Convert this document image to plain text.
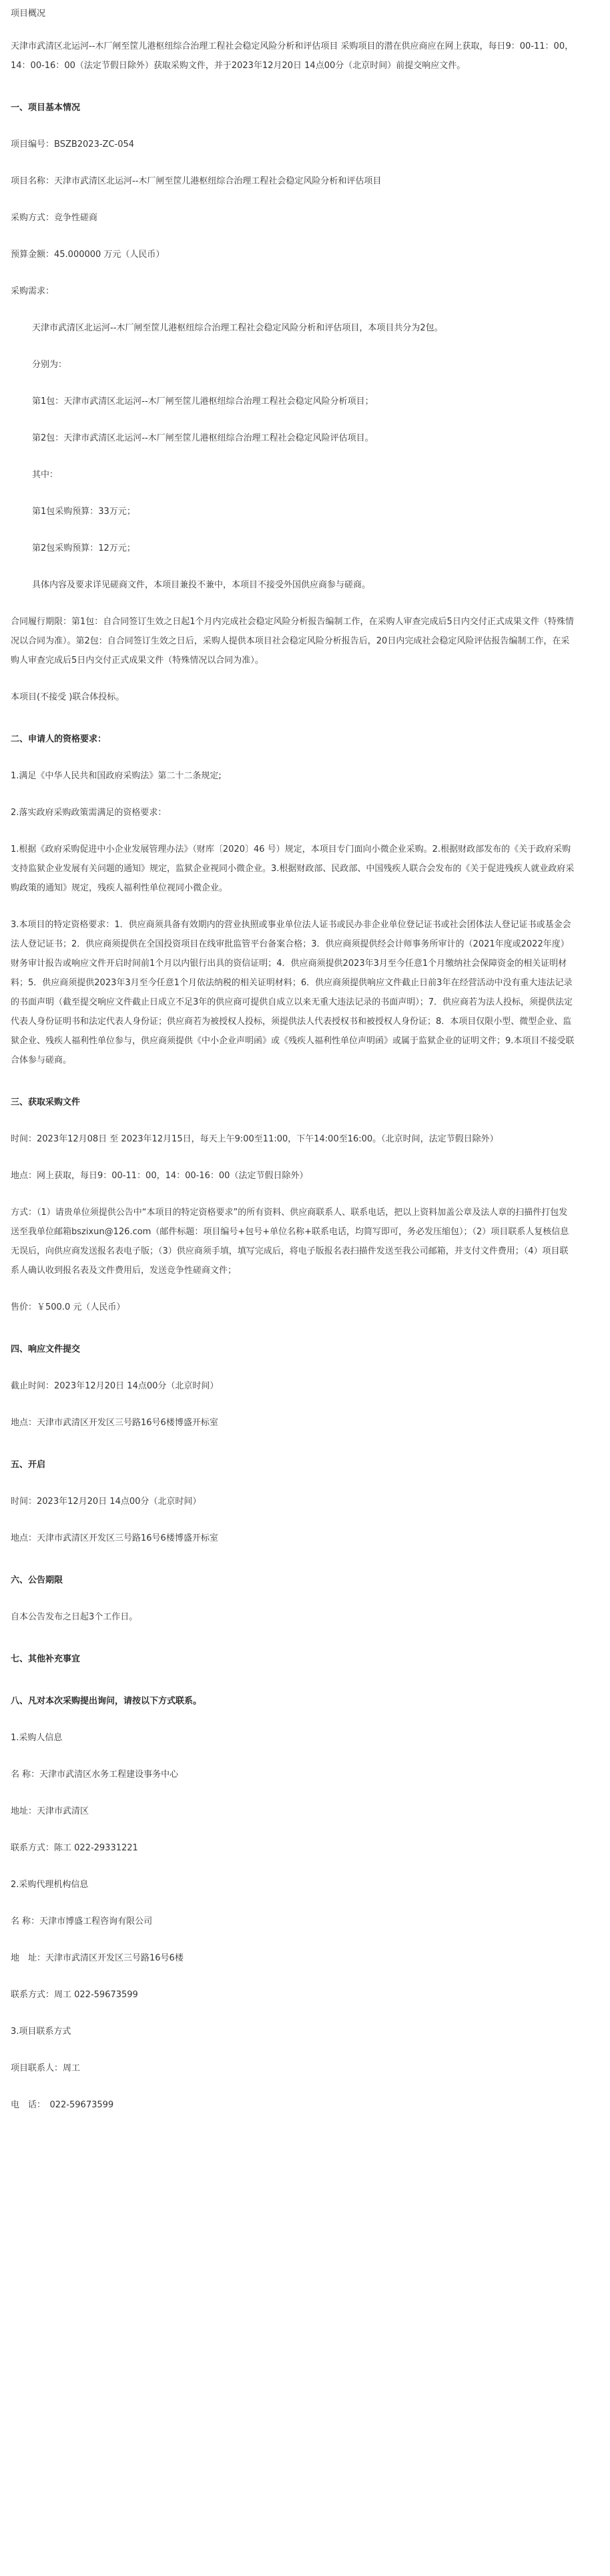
项目概况

天津市武清区北运河--木厂闸至筐儿港枢纽综合治理工程社会稳定风险分析和评估项目 采购项目的潜在供应商应在网上获取，每日9：00-11：00，14：00-16：00（法定节假日除外）获取采购文件，并于2023年12月20日 14点00分（北京时间）前提交响应文件。

一、项目基本情况

项目编号：BSZB2023-ZC-054

项目名称：天津市武清区北运河--木厂闸至筐儿港枢纽综合治理工程社会稳定风险分析和评估项目

采购方式：竞争性磋商

预算金额：45.000000 万元（人民币）

采购需求：

天津市武清区北运河--木厂闸至筐儿港枢纽综合治理工程社会稳定风险分析和评估项目，本项目共分为2包。

分别为：

第1包：天津市武清区北运河--木厂闸至筐儿港枢纽综合治理工程社会稳定风险分析项目；

第2包：天津市武清区北运河--木厂闸至筐儿港枢纽综合治理工程社会稳定风险评估项目。

其中：

第1包采购预算：33万元；

第2包采购预算：12万元；

具体内容及要求详见磋商文件，本项目兼投不兼中，本项目不接受外国供应商参与磋商。

合同履行期限：第1包：自合同签订生效之日起1个月内完成社会稳定风险分析报告编制工作，在采购人审查完成后5日内交付正式成果文件（特殊情况以合同为准）。第2包：自合同签订生效之日后，采购人提供本项目社会稳定风险分析报告后，20日内完成社会稳定风险评估报告编制工作，在采购人审查完成后5日内交付正式成果文件（特殊情况以合同为准）。

本项目(不接受 )联合体投标。

二、申请人的资格要求：

1.满足《中华人民共和国政府采购法》第二十二条规定;

2.落实政府采购政策需满足的资格要求：

1.根据《政府采购促进中小企业发展管理办法》（财库〔2020〕46 号）规定，本项目专门面向小微企业采购。2.根据财政部发布的《关于政府采购支持监狱企业发展有关问题的通知》规定，监狱企业视同小微企业。3.根据财政部、民政部、中国残疾人联合会发布的《关于促进残疾人就业政府采购政策的通知》规定，残疾人福利性单位视同小微企业。

3.本项目的特定资格要求：1．供应商须具备有效期内的营业执照或事业单位法人证书或民办非企业单位登记证书或社会团体法人登记证书或基金会法人登记证书；2．供应商须提供在全国投资项目在线审批监管平台备案合格；3．供应商须提供经会计师事务所审计的（2021年度或2022年度）财务审计报告或响应文件开启时间前1个月以内银行出具的资信证明；4．供应商须提供2023年3月至今任意1个月缴纳社会保障资金的相关证明材料；5．供应商须提供2023年3月至今任意1个月依法纳税的相关证明材料；6．供应商须提供响应文件截止日前3年在经营活动中没有重大违法记录的书面声明（截至提交响应文件截止日成立不足3年的供应商可提供自成立以来无重大违法记录的书面声明）；7．供应商若为法人投标，须提供法定代表人身份证明书和法定代表人身份证；供应商若为被授权人投标，须提供法人代表授权书和被授权人身份证；8．本项目仅限小型、微型企业、监狱企业、残疾人福利性单位参与，供应商须提供《中小企业声明函》或《残疾人福利性单位声明函》或属于监狱企业的证明文件；9.本项目不接受联合体参与磋商。

三、获取采购文件

时间：2023年12月08日 至 2023年12月15日，每天上午9:00至11:00，下午14:00至16:00。（北京时间，法定节假日除外）

地点：网上获取，每日9：00-11：00，14：00-16：00（法定节假日除外）

方式：（1）请贵单位须提供公告中“本项目的特定资格要求”的所有资料、供应商联系人、联系电话，把以上资料加盖公章及法人章的扫描件打包发送至我单位邮箱bszixun@126.com（邮件标题：项目编号+包号+单位名称+联系电话，均简写即可，务必发压缩包）；（2）项目联系人复核信息无误后，向供应商发送报名表电子版；（3）供应商须手填，填写完成后，将电子版报名表扫描件发送至我公司邮箱，并支付文件费用；（4）项目联系人确认收到报名表及文件费用后，发送竞争性磋商文件；

售价：￥500.0 元（人民币）

四、响应文件提交

截止时间：2023年12月20日 14点00分（北京时间）

地点：天津市武清区开发区三号路16号6楼博盛开标室

五、开启

时间：2023年12月20日 14点00分（北京时间）

地点：天津市武清区开发区三号路16号6楼博盛开标室

六、公告期限

自本公告发布之日起3个工作日。

七、其他补充事宜

八、凡对本次采购提出询问，请按以下方式联系。

1.采购人信息

名 称：天津市武清区水务工程建设事务中心

地址：天津市武清区

联系方式：陈工 022-29331221

2.采购代理机构信息

名 称：天津市博盛工程咨询有限公司

地　址：天津市武清区开发区三号路16号6楼

联系方式：周工 022-59673599

3.项目联系方式

项目联系人：周工

电　话：　022-59673599
